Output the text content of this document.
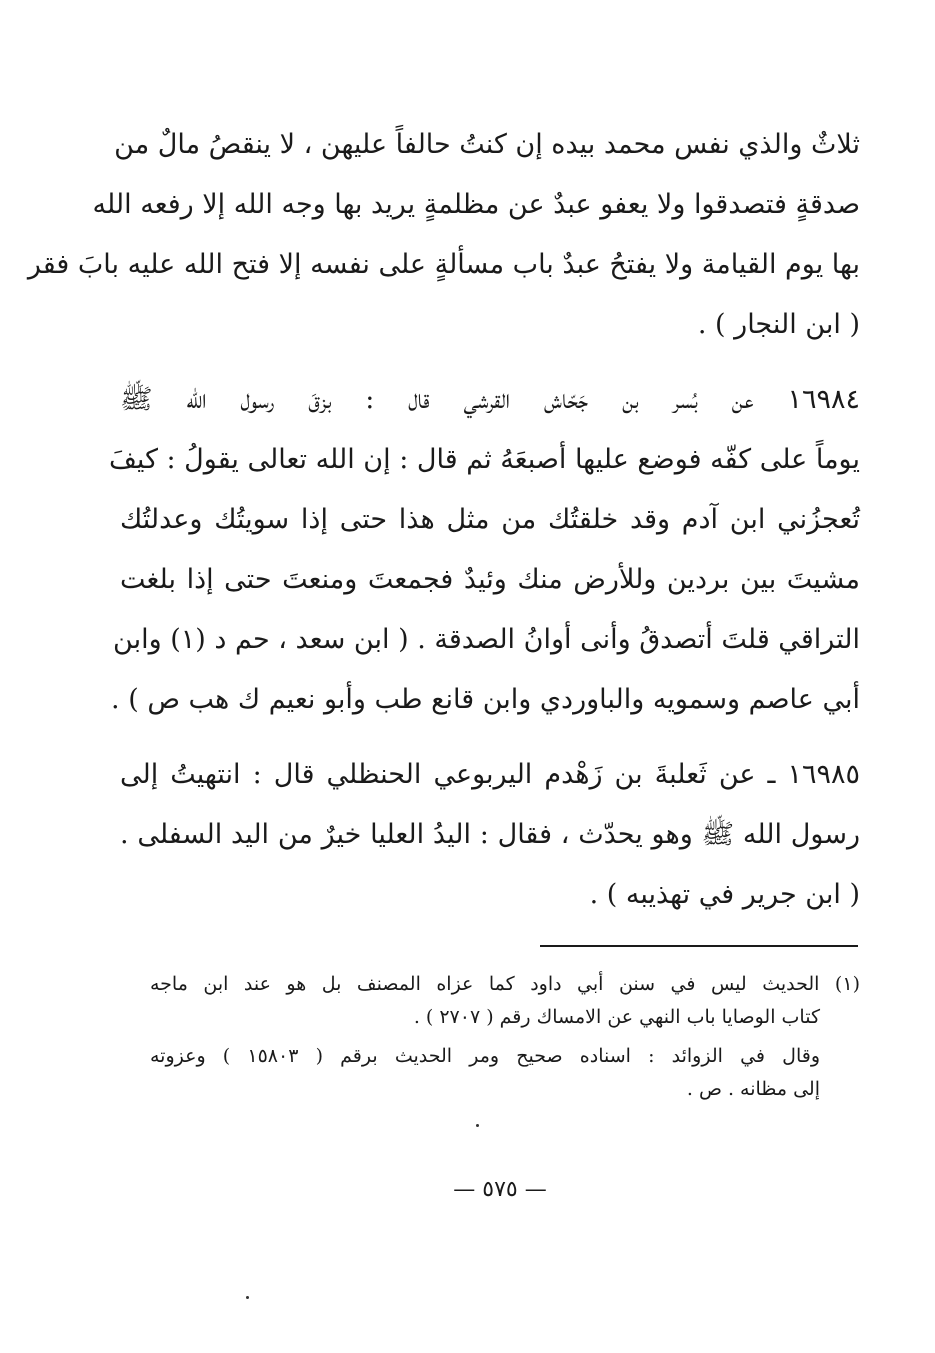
ثلاثٌ والذي نفس محمد بيده إن كنتُ حالفاً عليهن ، لا ينقصُ مالٌ من
صدقةٍ فتصدقوا ولا يعفو عبدٌ عن مظلمةٍ يريد بها وجه الله إلا رفعه الله
بها يوم القيامة ولا يفتحُ عبدٌ باب مسألةٍ على نفسه إلا فتح الله عليه بابَ فقر
( ابن النجار ) .
١٦٩٨٤ عن بُسر بن جَحّاش القرشي قال : بزقَ رسول الله ﷺ
يوماً على كفّه فوضع عليها أصبعَهُ ثم قال : إن الله تعالى يقولُ : كيفَ
تُعجزُني ابن آدم وقد خلقتُك من مثل هذا حتى إذا سويتُك وعدلتُك
مشيتَ بين بردين وللأرض منك وئيدٌ فجمعتَ ومنعتَ حتى إذا بلغت
التراقي قلتَ أتصدقُ وأنى أوانُ الصدقة . ( ابن سعد ، حم د (١) وابن
أبي عاصم وسمويه والباوردي وابن قانع طب وأبو نعيم ك هب ص ) .
١٦٩٨٥ ـ عن ثَعلبةَ بن زَهْدم اليربوعي الحنظلي قال : انتهيتُ إلى
رسول الله ﷺ وهو يحدّث ، فقال : اليدُ العليا خيرٌ من اليد السفلى .
( ابن جرير في تهذيبه ) .
(١) الحديث ليس في سنن أبي داود كما عزاه المصنف بل هو عند ابن ماجه
كتاب الوصايا باب النهي عن الامساك رقم ( ٢٧٠٧ ) .
وقال في الزوائد : اسناده صحيح ومر الحديث برقم ( ١٥٨٠٣ ) وعزوته
إلى مظانه . ص .
— ٥٧٥ —
